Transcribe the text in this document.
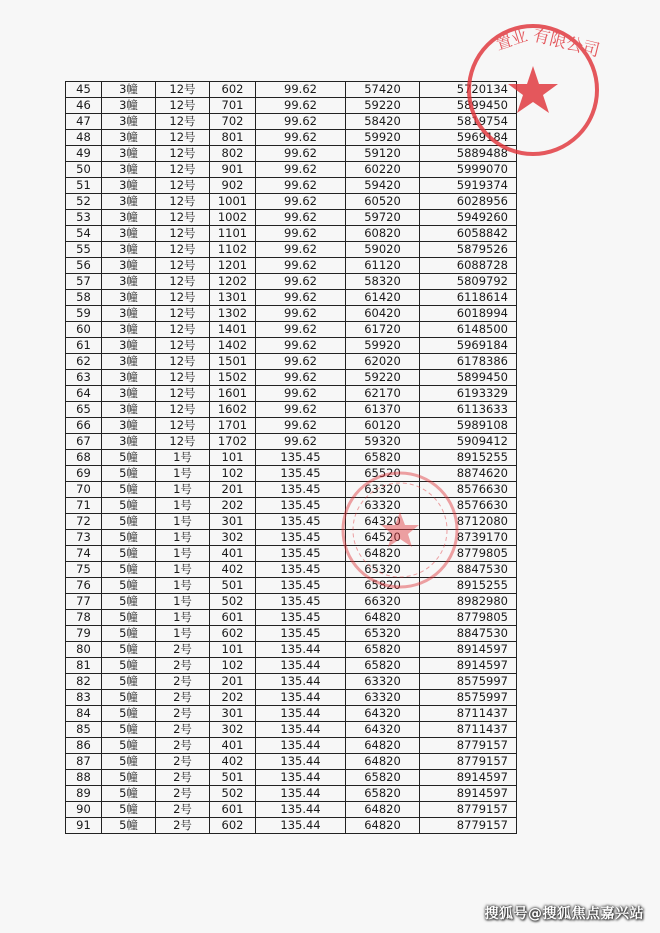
45	3幢	12号	602	99.62	57420	5720134
46	3幢	12号	701	99.62	59220	5899450
47	3幢	12号	702	99.62	58420	5819754
48	3幢	12号	801	99.62	59920	5969184
49	3幢	12号	802	99.62	59120	5889488
50	3幢	12号	901	99.62	60220	5999070
51	3幢	12号	902	99.62	59420	5919374
52	3幢	12号	1001	99.62	60520	6028956
53	3幢	12号	1002	99.62	59720	5949260
54	3幢	12号	1101	99.62	60820	6058842
55	3幢	12号	1102	99.62	59020	5879526
56	3幢	12号	1201	99.62	61120	6088728
57	3幢	12号	1202	99.62	58320	5809792
58	3幢	12号	1301	99.62	61420	6118614
59	3幢	12号	1302	99.62	60420	6018994
60	3幢	12号	1401	99.62	61720	6148500
61	3幢	12号	1402	99.62	59920	5969184
62	3幢	12号	1501	99.62	62020	6178386
63	3幢	12号	1502	99.62	59220	5899450
64	3幢	12号	1601	99.62	62170	6193329
65	3幢	12号	1602	99.62	61370	6113633
66	3幢	12号	1701	99.62	60120	5989108
67	3幢	12号	1702	99.62	59320	5909412
68	5幢	1号	101	135.45	65820	8915255
69	5幢	1号	102	135.45	65520	8874620
70	5幢	1号	201	135.45	63320	8576630
71	5幢	1号	202	135.45	63320	8576630
72	5幢	1号	301	135.45	64320	8712080
73	5幢	1号	302	135.45	64520	8739170
74	5幢	1号	401	135.45	64820	8779805
75	5幢	1号	402	135.45	65320	8847530
76	5幢	1号	501	135.45	65820	8915255
77	5幢	1号	502	135.45	66320	8982980
78	5幢	1号	601	135.45	64820	8779805
79	5幢	1号	602	135.45	65320	8847530
80	5幢	2号	101	135.44	65820	8914597
81	5幢	2号	102	135.44	65820	8914597
82	5幢	2号	201	135.44	63320	8575997
83	5幢	2号	202	135.44	63320	8575997
84	5幢	2号	301	135.44	64320	8711437
85	5幢	2号	302	135.44	64320	8711437
86	5幢	2号	401	135.44	64820	8779157
87	5幢	2号	402	135.44	64820	8779157
88	5幢	2号	501	135.44	65820	8914597
89	5幢	2号	502	135.44	65820	8914597
90	5幢	2号	601	135.44	64820	8779157
91	5幢	2号	602	135.44	64820	8779157
置业 有限公司
搜狐号@搜狐焦点嘉兴站
